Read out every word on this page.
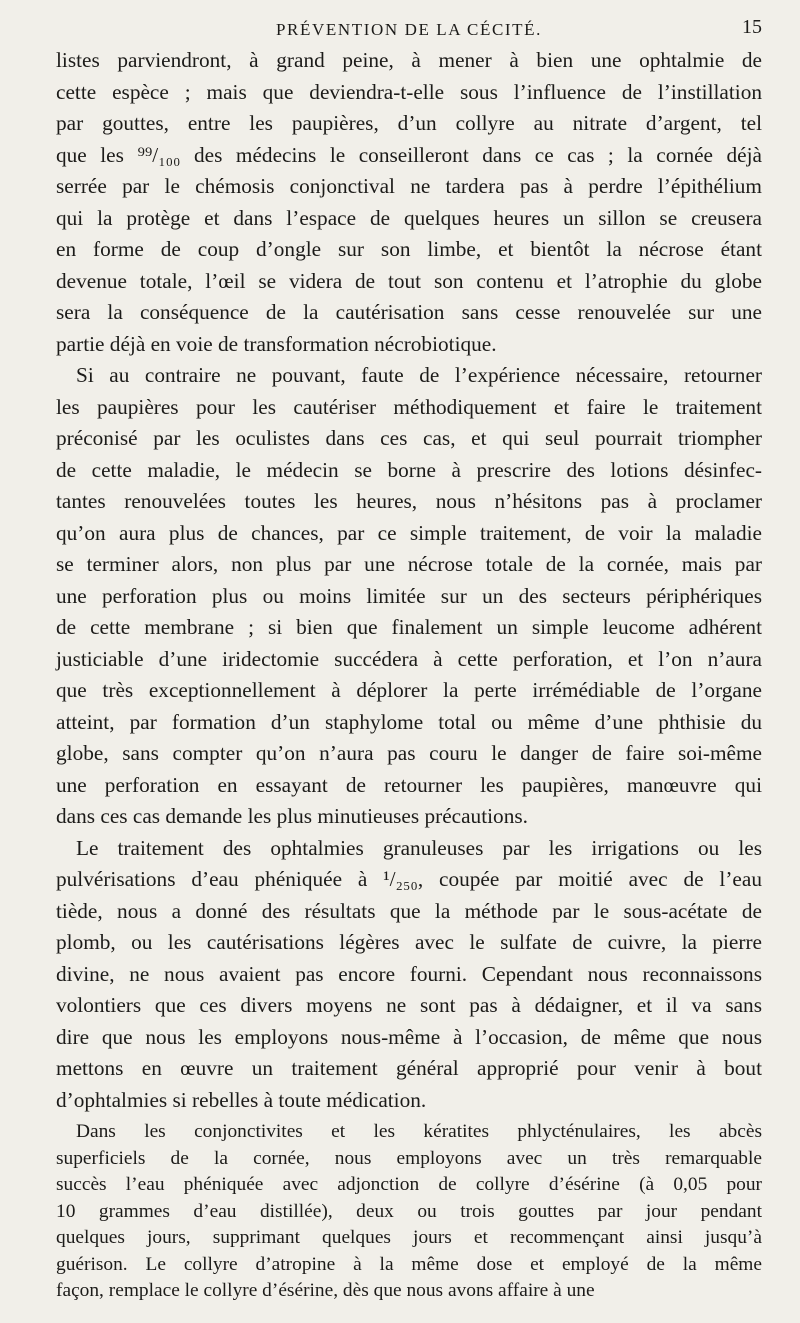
PRÉVENTION DE LA CÉCITÉ.	15
listes parviendront, à grand peine, à mener à bien une ophtalmie de
cette espèce ; mais que deviendra-t-elle sous l’influence de l’instillation
par gouttes, entre les paupières, d’un collyre au nitrate d’argent, tel
que les ⁹⁹/₁₀₀ des médecins le conseilleront dans ce cas ; la cornée déjà
serrée par le chémosis conjonctival ne tardera pas à perdre l’épithélium
qui la protège et dans l’espace de quelques heures un sillon se creusera
en forme de coup d’ongle sur son limbe, et bientôt la nécrose étant
devenue totale, l’œil se videra de tout son contenu et l’atrophie du globe
sera la conséquence de la cautérisation sans cesse renouvelée sur une
partie déjà en voie de transformation nécrobiotique.
Si au contraire ne pouvant, faute de l’expérience nécessaire, retourner
les paupières pour les cautériser méthodiquement et faire le traitement
préconisé par les oculistes dans ces cas, et qui seul pourrait triompher
de cette maladie, le médecin se borne à prescrire des lotions désinfec-
tantes renouvelées toutes les heures, nous n’hésitons pas à proclamer
qu’on aura plus de chances, par ce simple traitement, de voir la maladie
se terminer alors, non plus par une nécrose totale de la cornée, mais par
une perforation plus ou moins limitée sur un des secteurs périphériques
de cette membrane ; si bien que finalement un simple leucome adhérent
justiciable d’une iridectomie succédera à cette perforation, et l’on n’aura
que très exceptionnellement à déplorer la perte irrémédiable de l’organe
atteint, par formation d’un staphylome total ou même d’une phthisie du
globe, sans compter qu’on n’aura pas couru le danger de faire soi-même
une perforation en essayant de retourner les paupières, manœuvre qui
dans ces cas demande les plus minutieuses précautions.
Le traitement des ophtalmies granuleuses par les irrigations ou les
pulvérisations d’eau phéniquée à ¹/₂₅₀, coupée par moitié avec de l’eau
tiède, nous a donné des résultats que la méthode par le sous-acétate de
plomb, ou les cautérisations légères avec le sulfate de cuivre, la pierre
divine, ne nous avaient pas encore fourni. Cependant nous reconnaissons
volontiers que ces divers moyens ne sont pas à dédaigner, et il va sans
dire que nous les employons nous-même à l’occasion, de même que nous
mettons en œuvre un traitement général approprié pour venir à bout
d’ophtalmies si rebelles à toute médication.
Dans les conjonctivites et les kératites phlycténulaires, les abcès
superficiels de la cornée, nous employons avec un très remarquable
succès l’eau phéniquée avec adjonction de collyre d’ésérine (à 0,05 pour
10 grammes d’eau distillée), deux ou trois gouttes par jour pendant
quelques jours, supprimant quelques jours et recommençant ainsi jusqu’à
guérison. Le collyre d’atropine à la même dose et employé de la même
façon, remplace le collyre d’ésérine, dès que nous avons affaire à une
